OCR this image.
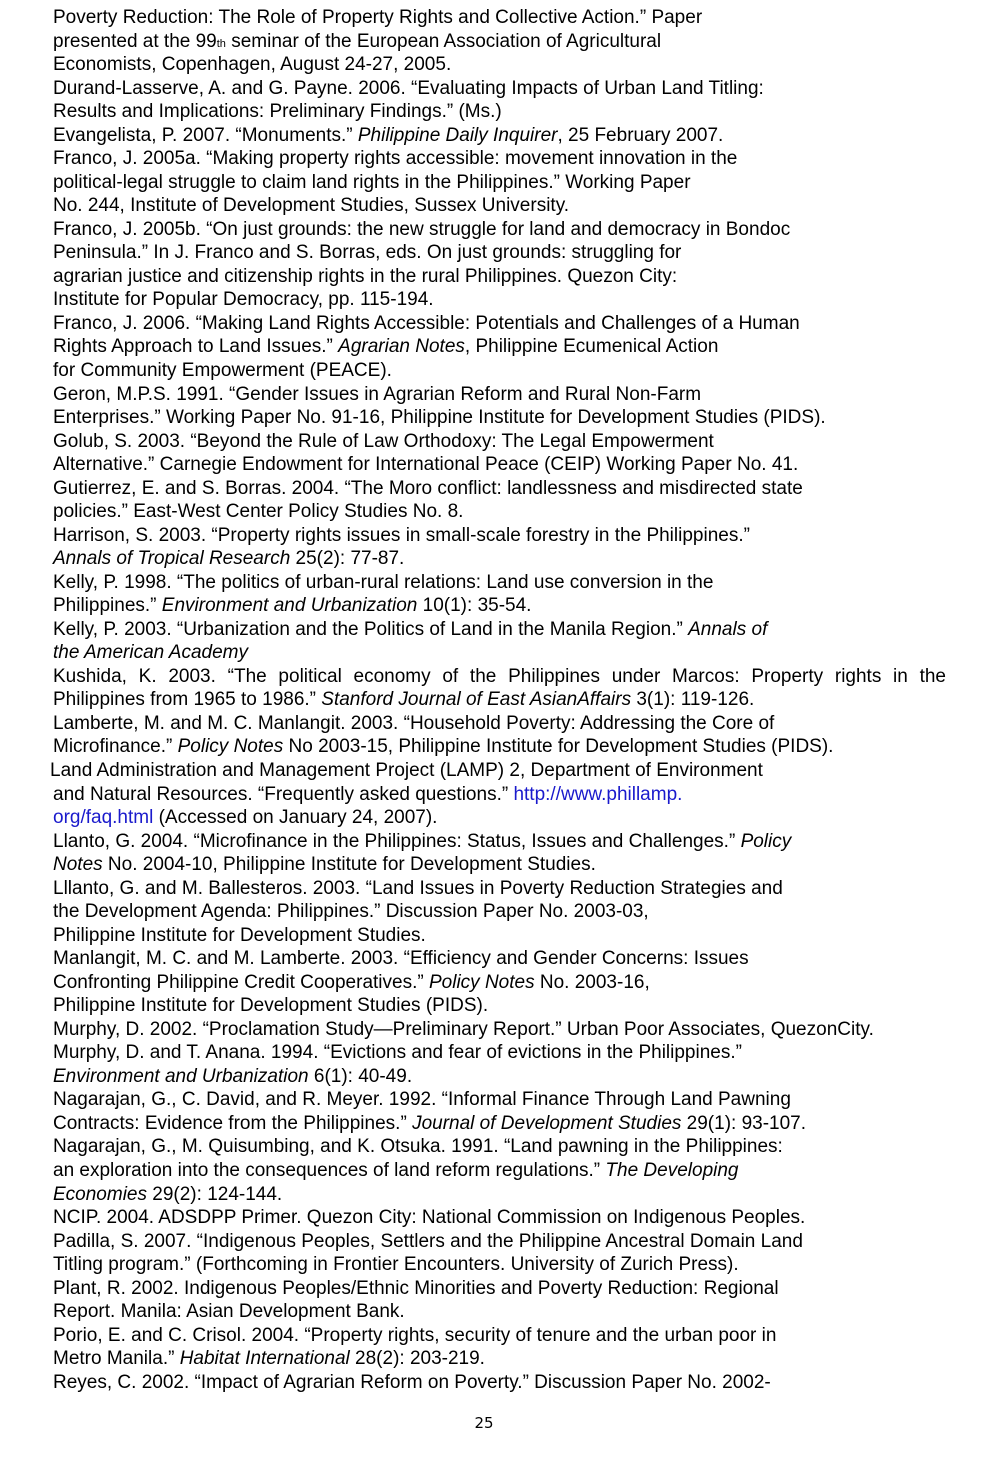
Poverty Reduction: The Role of Property Rights and Collective Action.” Paper
presented at the 99th seminar of the European Association of Agricultural
Economists, Copenhagen, August 24-27, 2005.
Durand-Lasserve, A. and G. Payne. 2006. “Evaluating Impacts of Urban Land Titling:
Results and Implications: Preliminary Findings.” (Ms.)
Evangelista, P. 2007. “Monuments.” Philippine Daily Inquirer, 25 February 2007.
Franco, J. 2005a. “Making property rights accessible: movement innovation in the
political-legal struggle to claim land rights in the Philippines.” Working Paper
No. 244, Institute of Development Studies, Sussex University.
Franco, J. 2005b. “On just grounds: the new struggle for land and democracy in Bondoc
Peninsula.” In J. Franco and S. Borras, eds. On just grounds: struggling for
agrarian justice and citizenship rights in the rural Philippines. Quezon City:
Institute for Popular Democracy, pp. 115-194.
Franco, J. 2006. “Making Land Rights Accessible: Potentials and Challenges of a Human
Rights Approach to Land Issues.” Agrarian Notes, Philippine Ecumenical Action
for Community Empowerment (PEACE).
Geron, M.P.S. 1991. “Gender Issues in Agrarian Reform and Rural Non-Farm
Enterprises.” Working Paper No. 91-16, Philippine Institute for Development Studies (PIDS).
Golub, S. 2003. “Beyond the Rule of Law Orthodoxy: The Legal Empowerment
Alternative.” Carnegie Endowment for International Peace (CEIP) Working Paper No. 41.
Gutierrez, E. and S. Borras. 2004. “The Moro conflict: landlessness and misdirected state
policies.” East-West Center Policy Studies No. 8.
Harrison, S. 2003. “Property rights issues in small-scale forestry in the Philippines.”
Annals of Tropical Research 25(2): 77-87.
Kelly, P. 1998. “The politics of urban-rural relations: Land use conversion in the
Philippines.” Environment and Urbanization 10(1): 35-54.
Kelly, P. 2003. “Urbanization and the Politics of Land in the Manila Region.” Annals of
the American Academy
Kushida, K. 2003. “The political economy of the Philippines under Marcos: Property rights in the
Philippines from 1965 to 1986.” Stanford Journal of East AsianAffairs 3(1): 119-126.
Lamberte, M. and M. C. Manlangit. 2003. “Household Poverty: Addressing the Core of
Microfinance.” Policy Notes No 2003-15, Philippine Institute for Development Studies (PIDS).
Land Administration and Management Project (LAMP) 2, Department of Environment
and Natural Resources. “Frequently asked questions.” http://www.phillamp.
org/faq.html (Accessed on January 24, 2007).
Llanto, G. 2004. “Microfinance in the Philippines: Status, Issues and Challenges.” Policy
Notes No. 2004-10, Philippine Institute for Development Studies.
Lllanto, G. and M. Ballesteros. 2003. “Land Issues in Poverty Reduction Strategies and
the Development Agenda: Philippines.” Discussion Paper No. 2003-03,
Philippine Institute for Development Studies.
Manlangit, M. C. and M. Lamberte. 2003. “Efficiency and Gender Concerns: Issues
Confronting Philippine Credit Cooperatives.” Policy Notes No. 2003-16,
Philippine Institute for Development Studies (PIDS).
Murphy, D. 2002. “Proclamation Study—Preliminary Report.” Urban Poor Associates, QuezonCity.
Murphy, D. and T. Anana. 1994. “Evictions and fear of evictions in the Philippines.”
Environment and Urbanization 6(1): 40-49.
Nagarajan, G., C. David, and R. Meyer. 1992. “Informal Finance Through Land Pawning
Contracts: Evidence from the Philippines.” Journal of Development Studies 29(1): 93-107.
Nagarajan, G., M. Quisumbing, and K. Otsuka. 1991. “Land pawning in the Philippines:
an exploration into the consequences of land reform regulations.” The Developing
Economies 29(2): 124-144.
NCIP. 2004. ADSDPP Primer. Quezon City: National Commission on Indigenous Peoples.
Padilla, S. 2007. “Indigenous Peoples, Settlers and the Philippine Ancestral Domain Land
Titling program.” (Forthcoming in Frontier Encounters. University of Zurich Press).
Plant, R. 2002. Indigenous Peoples/Ethnic Minorities and Poverty Reduction: Regional
Report. Manila: Asian Development Bank.
Porio, E. and C. Crisol. 2004. “Property rights, security of tenure and the urban poor in
Metro Manila.” Habitat International 28(2): 203-219.
Reyes, C. 2002. “Impact of Agrarian Reform on Poverty.” Discussion Paper No. 2002-
25
